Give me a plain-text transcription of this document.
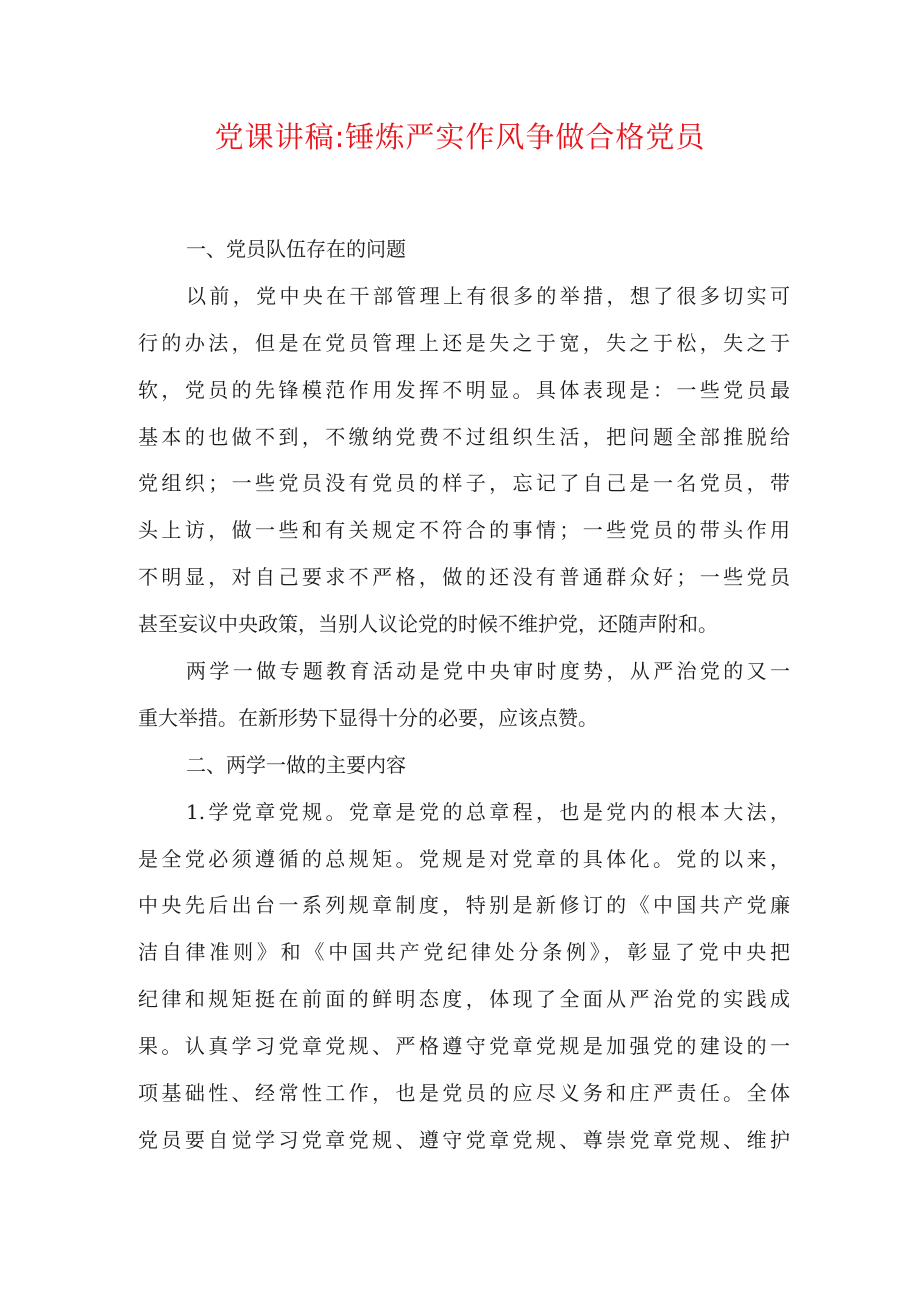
党课讲稿:锤炼严实作风争做合格党员
一、党员队伍存在的问题
以前，党中央在干部管理上有很多的举措，想了很多切实可
行的办法，但是在党员管理上还是失之于宽，失之于松，失之于
软，党员的先锋模范作用发挥不明显。具体表现是：一些党员最
基本的也做不到，不缴纳党费不过组织生活，把问题全部推脱给
党组织；一些党员没有党员的样子，忘记了自己是一名党员，带
头上访，做一些和有关规定不符合的事情；一些党员的带头作用
不明显，对自己要求不严格，做的还没有普通群众好；一些党员
甚至妄议中央政策，当别人议论党的时候不维护党，还随声附和。
两学一做专题教育活动是党中央审时度势，从严治党的又一
重大举措。在新形势下显得十分的必要，应该点赞。
二、两学一做的主要内容
1.学党章党规。党章是党的总章程，也是党内的根本大法，
是全党必须遵循的总规矩。党规是对党章的具体化。党的以来，
中央先后出台一系列规章制度，特别是新修订的《中国共产党廉
洁自律准则》和《中国共产党纪律处分条例》，彰显了党中央把
纪律和规矩挺在前面的鲜明态度，体现了全面从严治党的实践成
果。认真学习党章党规、严格遵守党章党规是加强党的建设的一
项基础性、经常性工作，也是党员的应尽义务和庄严责任。全体
党员要自觉学习党章党规、遵守党章党规、尊崇党章党规、维护
